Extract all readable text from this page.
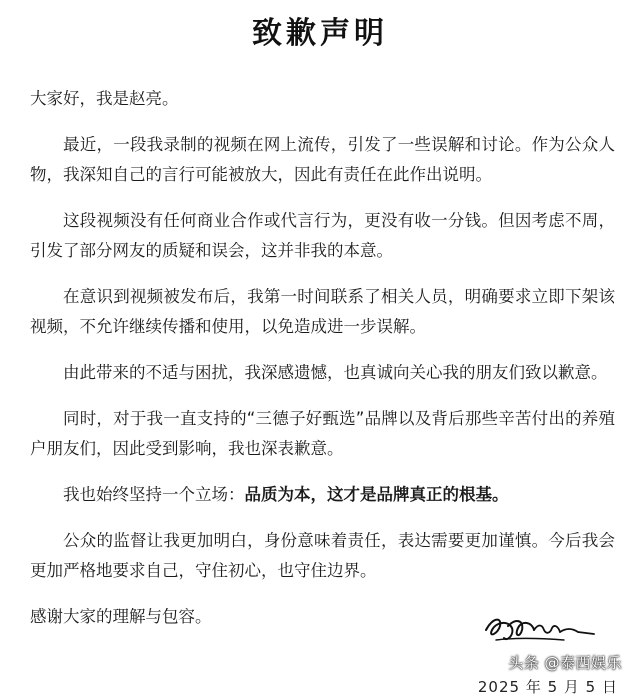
致歉声明

大家好，我是赵亮。

最近，一段我录制的视频在网上流传，引发了一些误解和讨论。作为公众人物，我深知自己的言行可能被放大，因此有责任在此作出说明。

这段视频没有任何商业合作或代言行为，更没有收一分钱。但因考虑不周，引发了部分网友的质疑和误会，这并非我的本意。

在意识到视频被发布后，我第一时间联系了相关人员，明确要求立即下架该视频，不允许继续传播和使用，以免造成进一步误解。

由此带来的不适与困扰，我深感遗憾，也真诚向关心我的朋友们致以歉意。

同时，对于我一直支持的“三德子好甄选”品牌以及背后那些辛苦付出的养殖户朋友们，因此受到影响，我也深表歉意。

我也始终坚持一个立场：品质为本，这才是品牌真正的根基。

公众的监督让我更加明白，身份意味着责任，表达需要更加谨慎。今后我会更加严格地要求自己，守住初心，也守住边界。

感谢大家的理解与包容。

头条 @泰西娱乐
2025 年 5 月 5 日
